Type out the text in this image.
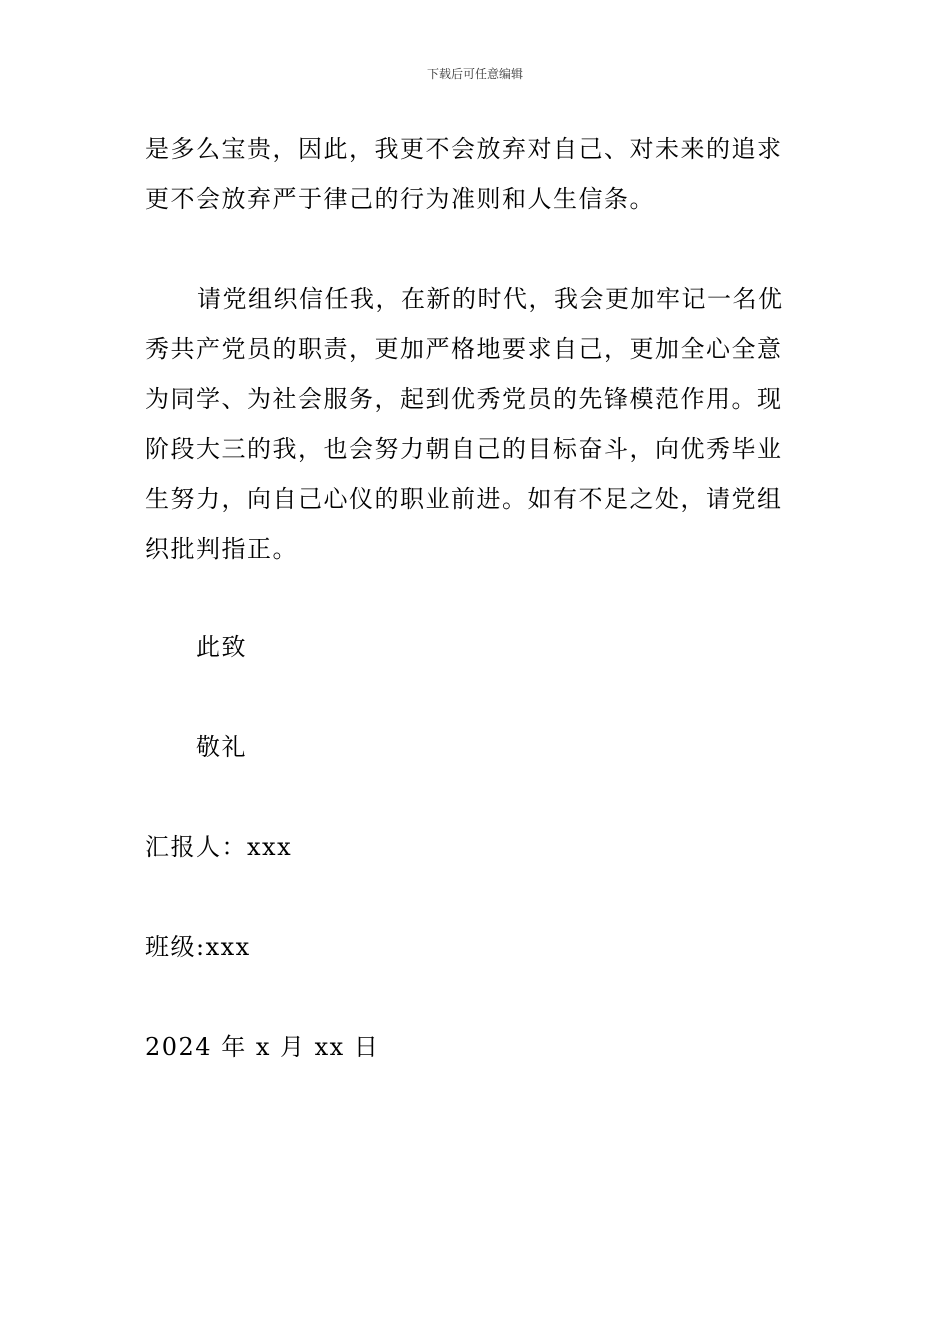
下载后可任意编辑
是多么宝贵，因此，我更不会放弃对自己、对未来的追求
更不会放弃严于律己的行为准则和人生信条。
请党组织信任我，在新的时代，我会更加牢记一名优
秀共产党员的职责，更加严格地要求自己，更加全心全意
为同学、为社会服务，起到优秀党员的先锋模范作用。现
阶段大三的我，也会努力朝自己的目标奋斗，向优秀毕业
生努力，向自己心仪的职业前进。如有不足之处，请党组
织批判指正。
此致
敬礼
汇报人：xxx
班级:xxx
2024 年 x 月 xx 日
